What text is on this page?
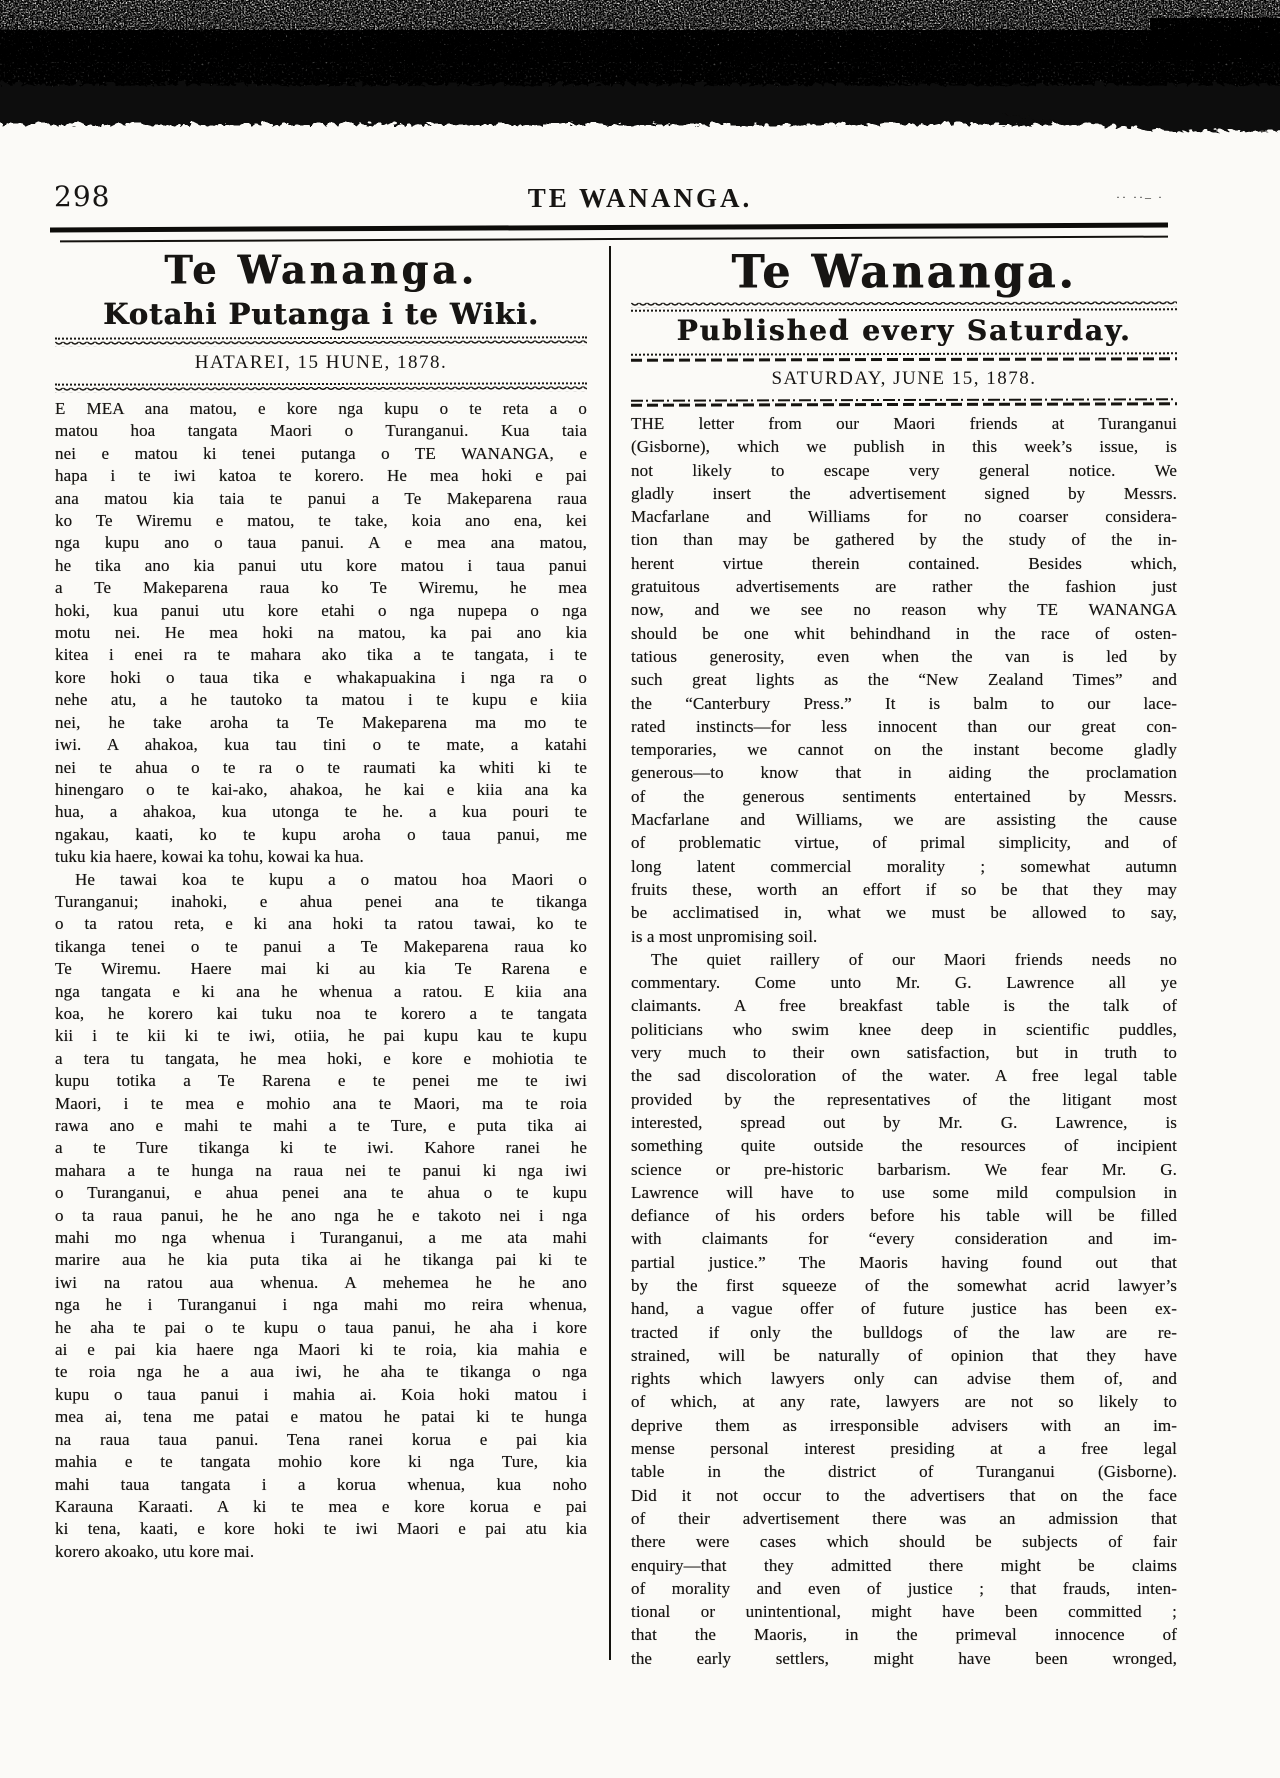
298	TE WANANGA.	·· ··– ·
Te Wananga.
Kotahi Putanga i te Wiki.
HATAREI, 15 HUNE, 1878.
E MEA ana matou, e kore nga kupu o te reta a o
matou hoa tangata Maori o Turanganui. Kua taia
nei e matou ki tenei putanga o TE WANANGA, e
hapa i te iwi katoa te korero. He mea hoki e pai
ana matou kia taia te panui a Te Makeparena raua
ko Te Wiremu e matou, te take, koia ano ena, kei
nga kupu ano o taua panui. A e mea ana matou,
he tika ano kia panui utu kore matou i taua panui
a Te Makeparena raua ko Te Wiremu, he mea
hoki, kua panui utu kore etahi o nga nupepa o nga
motu nei. He mea hoki na matou, ka pai ano kia
kitea i enei ra te mahara ako tika a te tangata, i te
kore hoki o taua tika e whakapuakina i nga ra o
nehe atu, a he tautoko ta matou i te kupu e kiia
nei, he take aroha ta Te Makeparena ma mo te
iwi. A ahakoa, kua tau tini o te mate, a katahi
nei te ahua o te ra o te raumati ka whiti ki te
hinengaro o te kai-ako, ahakoa, he kai e kiia ana ka
hua, a ahakoa, kua utonga te he. a kua pouri te
ngakau, kaati, ko te kupu aroha o taua panui, me
tuku kia haere, kowai ka tohu, kowai ka hua.
He tawai koa te kupu a o matou hoa Maori o
Turanganui; inahoki, e ahua penei ana te tikanga
o ta ratou reta, e ki ana hoki ta ratou tawai, ko te
tikanga tenei o te panui a Te Makeparena raua ko
Te Wiremu. Haere mai ki au kia Te Rarena e
nga tangata e ki ana he whenua a ratou. E kiia ana
koa, he korero kai tuku noa te korero a te tangata
kii i te kii ki te iwi, otiia, he pai kupu kau te kupu
a tera tu tangata, he mea hoki, e kore e mohiotia te
kupu totika a Te Rarena e te penei me te iwi
Maori, i te mea e mohio ana te Maori, ma te roia
rawa ano e mahi te mahi a te Ture, e puta tika ai
a te Ture tikanga ki te iwi. Kahore ranei he
mahara a te hunga na raua nei te panui ki nga iwi
o Turanganui, e ahua penei ana te ahua o te kupu
o ta raua panui, he he ano nga he e takoto nei i nga
mahi mo nga whenua i Turanganui, a me ata mahi
marire aua he kia puta tika ai he tikanga pai ki te
iwi na ratou aua whenua. A mehemea he he ano
nga he i Turanganui i nga mahi mo reira whenua,
he aha te pai o te kupu o taua panui, he aha i kore
ai e pai kia haere nga Maori ki te roia, kia mahia e
te roia nga he a aua iwi, he aha te tikanga o nga
kupu o taua panui i mahia ai. Koia hoki matou i
mea ai, tena me patai e matou he patai ki te hunga
na raua taua panui. Tena ranei korua e pai kia
mahia e te tangata mohio kore ki nga Ture, kia
mahi taua tangata i a korua whenua, kua noho
Karauna Karaati. A ki te mea e kore korua e pai
ki tena, kaati, e kore hoki te iwi Maori e pai atu kia
korero akoako, utu kore mai.
Te Wananga.
Published every Saturday.
SATURDAY, JUNE 15, 1878.
THE letter from our Maori friends at Turanganui
(Gisborne), which we publish in this week’s issue, is
not likely to escape very general notice. We
gladly insert the advertisement signed by Messrs.
Macfarlane and Williams for no coarser considera-
tion than may be gathered by the study of the in-
herent virtue therein contained. Besides which,
gratuitous advertisements are rather the fashion just
now, and we see no reason why TE WANANGA
should be one whit behindhand in the race of osten-
tatious generosity, even when the van is led by
such great lights as the “New Zealand Times” and
the “Canterbury Press.” It is balm to our lace-
rated instincts—for less innocent than our great con-
temporaries, we cannot on the instant become gladly
generous—to know that in aiding the proclamation
of the generous sentiments entertained by Messrs.
Macfarlane and Williams, we are assisting the cause
of problematic virtue, of primal simplicity, and of
long latent commercial morality ; somewhat autumn
fruits these, worth an effort if so be that they may
be acclimatised in, what we must be allowed to say,
is a most unpromising soil.
The quiet raillery of our Maori friends needs no
commentary. Come unto Mr. G. Lawrence all ye
claimants. A free breakfast table is the talk of
politicians who swim knee deep in scientific puddles,
very much to their own satisfaction, but in truth to
the sad discoloration of the water. A free legal table
provided by the representatives of the litigant most
interested, spread out by Mr. G. Lawrence, is
something quite outside the resources of incipient
science or pre-historic barbarism. We fear Mr. G.
Lawrence will have to use some mild compulsion in
defiance of his orders before his table will be filled
with claimants for “every consideration and im-
partial justice.” The Maoris having found out that
by the first squeeze of the somewhat acrid lawyer’s
hand, a vague offer of future justice has been ex-
tracted if only the bulldogs of the law are re-
strained, will be naturally of opinion that they have
rights which lawyers only can advise them of, and
of which, at any rate, lawyers are not so likely to
deprive them as irresponsible advisers with an im-
mense personal interest presiding at a free legal
table in the district of Turanganui (Gisborne).
Did it not occur to the advertisers that on the face
of their advertisement there was an admission that
there were cases which should be subjects of fair
enquiry—that they admitted there might be claims
of morality and even of justice ; that frauds, inten-
tional or unintentional, might have been committed ;
that the Maoris, in the primeval innocence of
the early settlers, might have been wronged,
